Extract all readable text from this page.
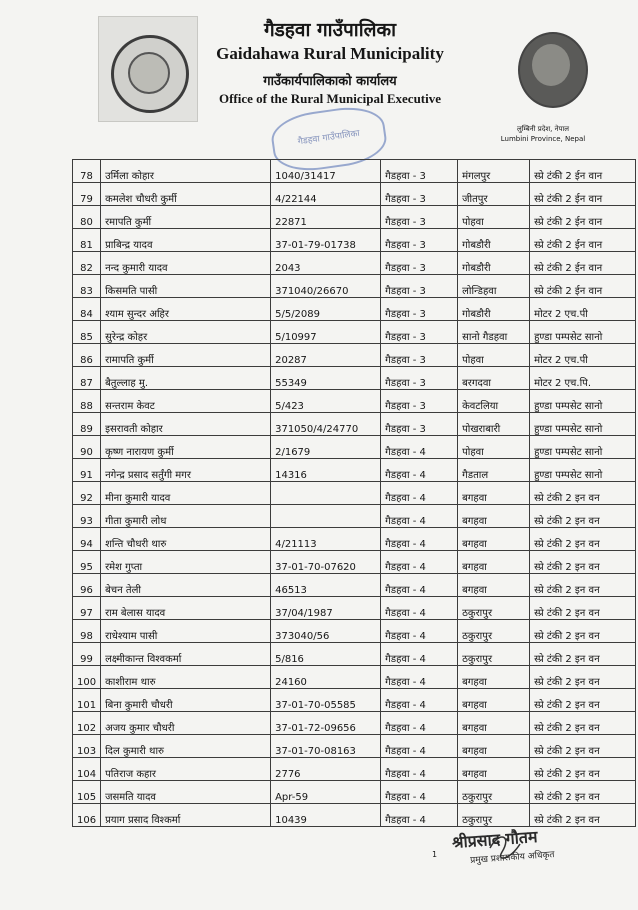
गैडहवा गाउँपालिका
Gaidahawa Rural Municipality
गाउँकार्यपालिकाको कार्यालय
Office of the Rural Municipal Executive
गैडहवा गाउँपालिका	लुम्बिनी प्रदेश, नेपाल
Lumbini Province, Nepal
78	उर्मिला कोहार	1040/31417	गैडहवा - 3	मंगलपुर	स्प्रे टंकी 2 ईन वान
79	कमलेश चौधरी कुर्मी	4/22144	गैडहवा - 3	जीतपुर	स्प्रे टंकी 2 ईन वान
80	रमापति कुर्मी	22871	गैडहवा - 3	पोहवा	स्प्रे टंकी 2 ईन वान
81	प्राबिन्द्र यादव	37-01-79-01738	गैडहवा - 3	गोबडौरी	स्प्रे टंकी 2 ईन वान
82	नन्द कुमारी यादव	2043	गैडहवा - 3	गोबडौरी	स्प्रे टंकी 2 ईन वान
83	किसमति पासी	371040/26670	गैडहवा - 3	लोन्डिहवा	स्प्रे टंकी 2 ईन वान
84	श्याम सुन्दर अहिर	5/5/2089	गैडहवा - 3	गोबडौरी	मोटर 2 एच.पी
85	सुरेन्द्र कोहर	5/10997	गैडहवा - 3	सानो गैडहवा	हुण्डा पम्पसेट सानो
86	रामापति कुर्मी	20287	गैडहवा - 3	पोहवा	मोटर 2 एच.पी
87	बैतुल्लाह मु.	55349	गैडहवा - 3	बरगदवा	मोटर 2 एच.पि.
88	सन्तराम केवट	5/423	गैडहवा - 3	केवटलिया	हुण्डा पम्पसेट सानो
89	इसरावती कोहार	371050/4/24770	गैडहवा - 3	पोखराबारी	हुण्डा पम्पसेट सानो
90	कृष्ण नारायण कुर्मी	2/1679	गैडहवा - 4	पोहवा	हुण्डा पम्पसेट सानो
91	नगेन्द्र प्रसाद सर्तुंगी मगर	14316	गैडहवा - 4	गैडताल	हुण्डा पम्पसेट सानो
92	मीना कुमारी यादव		गैडहवा - 4	बगहवा	स्प्रे टंकी 2 इन वन
93	गीता कुमारी लोध		गैडहवा - 4	बगहवा	स्प्रे टंकी 2 इन वन
94	शन्ति चौधरी थारु	4/21113	गैडहवा - 4	बगहवा	स्प्रे टंकी 2 इन वन
95	रमेश गुप्ता	37-01-70-07620	गैडहवा - 4	बगहवा	स्प्रे टंकी 2 इन वन
96	बेचन तेली	46513	गैडहवा - 4	बगहवा	स्प्रे टंकी 2 इन वन
97	राम बेलास यादव	37/04/1987	गैडहवा - 4	ठकुरापुर	स्प्रे टंकी 2 इन वन
98	राधेश्याम पासी	373040/56	गैडहवा - 4	ठकुरापुर	स्प्रे टंकी 2 इन वन
99	लक्ष्मीकान्त विश्वकर्मा	5/816	गैडहवा - 4	ठकुरापुर	स्प्रे टंकी 2 इन वन
100	काशीराम थारु	24160	गैडहवा - 4	बगहवा	स्प्रे टंकी 2 इन वन
101	बिना कुमारी चौधरी	37-01-70-05585	गैडहवा - 4	बगहवा	स्प्रे टंकी 2 इन वन
102	अजय कुमार चौधरी	37-01-72-09656	गैडहवा - 4	बगहवा	स्प्रे टंकी 2 इन वन
103	दिल कुमारी थारु	37-01-70-08163	गैडहवा - 4	बगहवा	स्प्रे टंकी 2 इन वन
104	पतिराज कहार	2776	गैडहवा - 4	बगहवा	स्प्रे टंकी 2 इन वन
105	जसमति यादव	Apr-59	गैडहवा - 4	ठकुरापुर	स्प्रे टंकी 2 इन वन
106	प्रयाग प्रसाद विश्कर्मा	10439	गैडहवा - 4	ठकुरापुर	स्प्रे टंकी 2 इन वन
श्रीप्रसाद गौतम
प्रमुख प्रशासकीय अधिकृत
1
